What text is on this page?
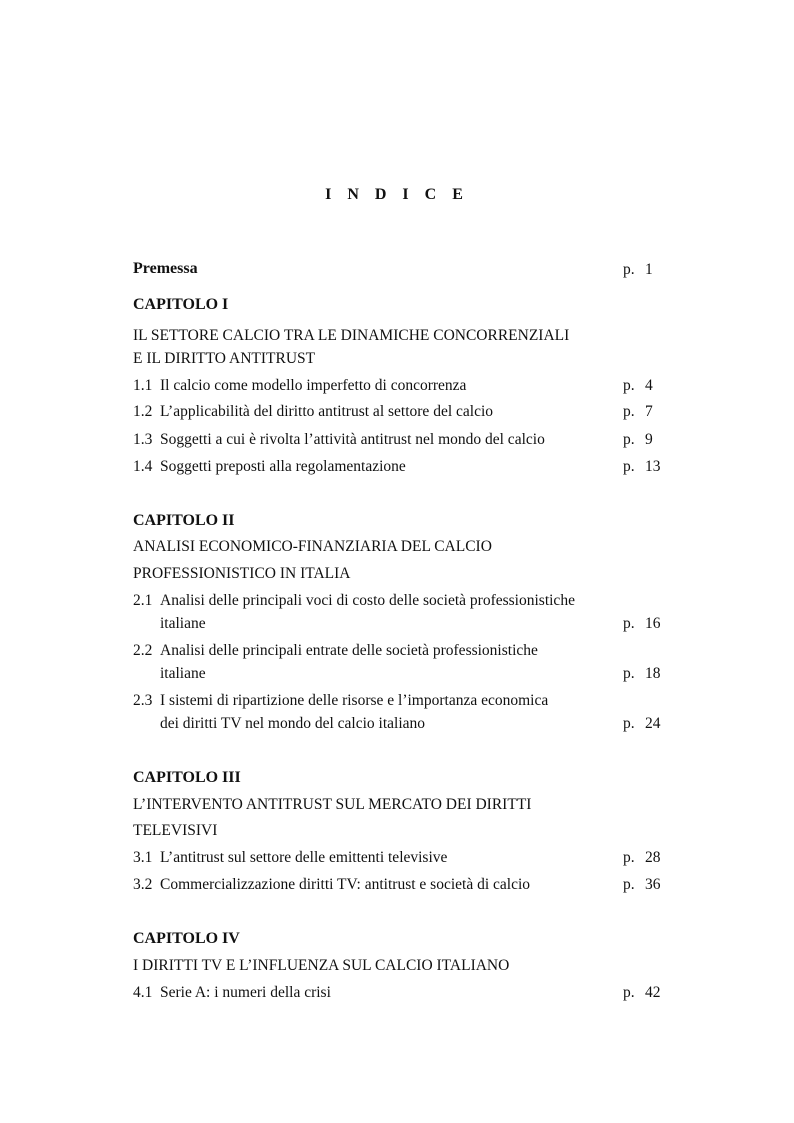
I N D I C E
Premessa	p. 1
CAPITOLO I
IL SETTORE CALCIO TRA LE DINAMICHE CONCORRENZIALI
E IL DIRITTO ANTITRUST
1.1 Il calcio come modello imperfetto di concorrenza	p. 4
1.2 L’applicabilità del diritto antitrust al settore del calcio	p. 7
1.3 Soggetti a cui è rivolta l’attività antitrust nel mondo del calcio	p. 9
1.4 Soggetti preposti alla regolamentazione	p. 13
CAPITOLO II
ANALISI ECONOMICO-FINANZIARIA DEL CALCIO
PROFESSIONISTICO IN ITALIA
2.1 Analisi delle principali voci di costo delle società professionistiche
italiane	p. 16
2.2 Analisi delle principali entrate delle società professionistiche
italiane	p. 18
2.3 I sistemi di ripartizione delle risorse e l’importanza economica
dei diritti TV nel mondo del calcio italiano	p. 24
CAPITOLO III
L’INTERVENTO ANTITRUST SUL MERCATO DEI DIRITTI
TELEVISIVI
3.1 L’antitrust sul settore delle emittenti televisive	p. 28
3.2 Commercializzazione diritti TV: antitrust e società di calcio	p. 36
CAPITOLO IV
I DIRITTI TV E L’INFLUENZA SUL CALCIO ITALIANO
4.1 Serie A: i numeri della crisi	p. 42
